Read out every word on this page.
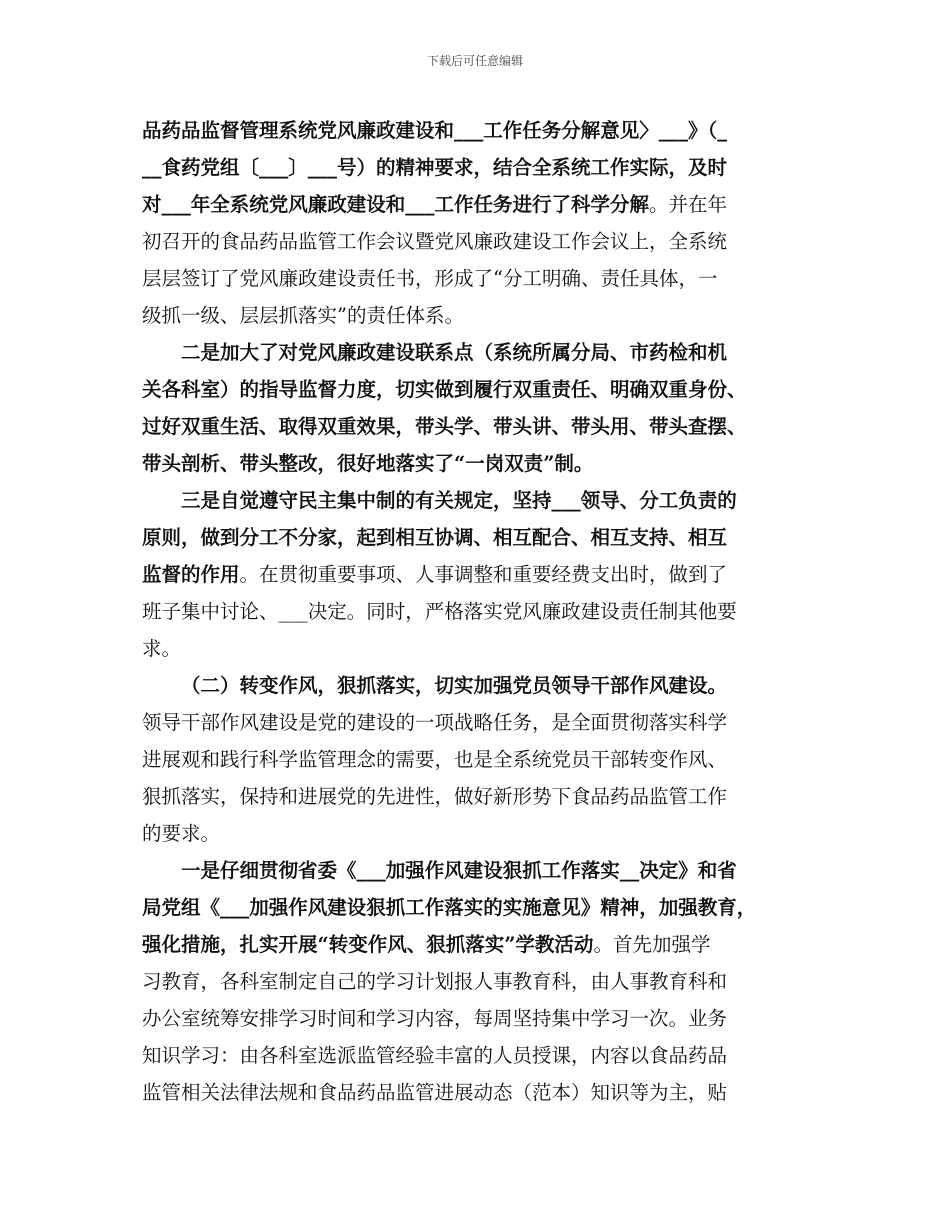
下载后可任意编辑
品药品监督管理系统党风廉政建设和___工作任务分解意见〉___》（_
__食药党组〔___〕___号）的精神要求，结合全系统工作实际，及时
对___年全系统党风廉政建设和___工作任务进行了科学分解。并在年
初召开的食品药品监管工作会议暨党风廉政建设工作会议上，全系统
层层签订了党风廉政建设责任书，形成了“分工明确、责任具体，一
级抓一级、层层抓落实”的责任体系。
二是加大了对党风廉政建设联系点（系统所属分局、市药检和机
关各科室）的指导监督力度，切实做到履行双重责任、明确双重身份、
过好双重生活、取得双重效果，带头学、带头讲、带头用、带头查摆、
带头剖析、带头整改，很好地落实了“一岗双责”制。
三是自觉遵守民主集中制的有关规定，坚持___领导、分工负责的
原则，做到分工不分家，起到相互协调、相互配合、相互支持、相互
监督的作用。在贯彻重要事项、人事调整和重要经费支出时，做到了
班子集中讨论、___决定。同时，严格落实党风廉政建设责任制其他要
求。
（二）转变作风，狠抓落实，切实加强党员领导干部作风建设。
领导干部作风建设是党的建设的一项战略任务，是全面贯彻落实科学
进展观和践行科学监管理念的需要，也是全系统党员干部转变作风、
狠抓落实，保持和进展党的先进性，做好新形势下食品药品监管工作
的要求。
一是仔细贯彻省委《___加强作风建设狠抓工作落实__决定》和省
局党组《___加强作风建设狠抓工作落实的实施意见》精神，加强教育，
强化措施，扎实开展“转变作风、狠抓落实”学教活动。首先加强学
习教育，各科室制定自己的学习计划报人事教育科，由人事教育科和
办公室统筹安排学习时间和学习内容，每周坚持集中学习一次。业务
知识学习：由各科室选派监管经验丰富的人员授课，内容以食品药品
监管相关法律法规和食品药品监管进展动态（范本）知识等为主，贴
